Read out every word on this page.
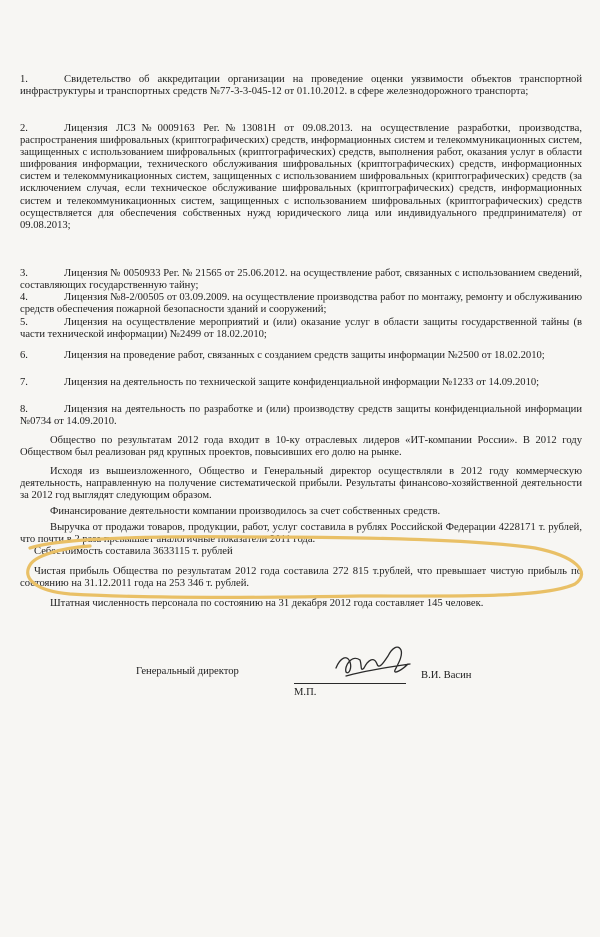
1.	Свидетельство об аккредитации организации на проведение оценки уязвимости объектов транспортной инфраструктуры и транспортных средств №77-3-3-045-12 от 01.10.2012. в сфере железнодорожного транспорта;
2.	Лицензия ЛСЗ№0009163 Рег.№13081Н от 09.08.2013. на осуществление разработки, производства, распространения шифровальных (криптографических) средств, информационных систем и телекоммуникационных систем, защищенных с использованием шифровальных (криптографических) средств, выполнения работ, оказания услуг в области шифрования информации, технического обслуживания шифровальных (криптографических) средств, информационных систем и телекоммуникационных систем, защищенных с использованием шифровальных (криптографических) средств (за исключением случая, если техническое обслуживание шифровальных (криптографических) средств, информационных систем и телекоммуникационных систем, защищенных с использованием шифровальных (криптографических) средств осуществляется для обеспечения собственных нужд юридического лица или индивидуального предпринимателя) от 09.08.2013;
3.	Лицензия № 0050933 Рег. № 21565 от 25.06.2012. на осуществление работ, связанных с использованием сведений, составляющих государственную тайну;
4.	Лицензия №8-2/00505 от 03.09.2009. на осуществление производства работ по монтажу, ремонту и обслуживанию средств обеспечения пожарной безопасности зданий и сооружений;
5.	Лицензия на осуществление мероприятий и (или) оказание услуг в области защиты государственной тайны (в части технической информации) №2499 от 18.02.2010;
6.	Лицензия на проведение работ, связанных с созданием средств защиты информации №2500 от 18.02.2010;
7.	Лицензия на деятельность по технической защите конфиденциальной информации №1233 от 14.09.2010;
8.	Лицензия на деятельность по разработке и (или) производству средств защиты конфиденциальной информации №0734 от 14.09.2010.
Общество по результатам 2012 года входит в 10-ку отраслевых лидеров «ИТ-компании России». В 2012 году Обществом был реализован ряд крупных проектов, повысивших его долю на рынке.
Исходя из вышеизложенного, Общество и Генеральный директор осуществляли в 2012 году коммерческую деятельность, направленную на получение систематической прибыли. Результаты финансово-хозяйственной деятельности за 2012 год выглядят следующим образом.
Финансирование деятельности компании производилось за счет собственных средств.
Выручка от продажи товаров, продукции, работ, услуг составила в рублях Российской Федерации 4228171 т. рублей, что почти в 2 раза превышает аналогичные показатели 2011 года.
Себестоимость составила 3633115 т. рублей
Чистая прибыль Общества по результатам 2012 года составила 272 815 т.рублей, что превышает чистую прибыль по состоянию на 31.12.2011 года на 253 346 т. рублей.
Штатная численность персонала по состоянию на 31 декабря 2012 года составляет 145 человек.
Генеральный директор	В.И. Васин
М.П.
